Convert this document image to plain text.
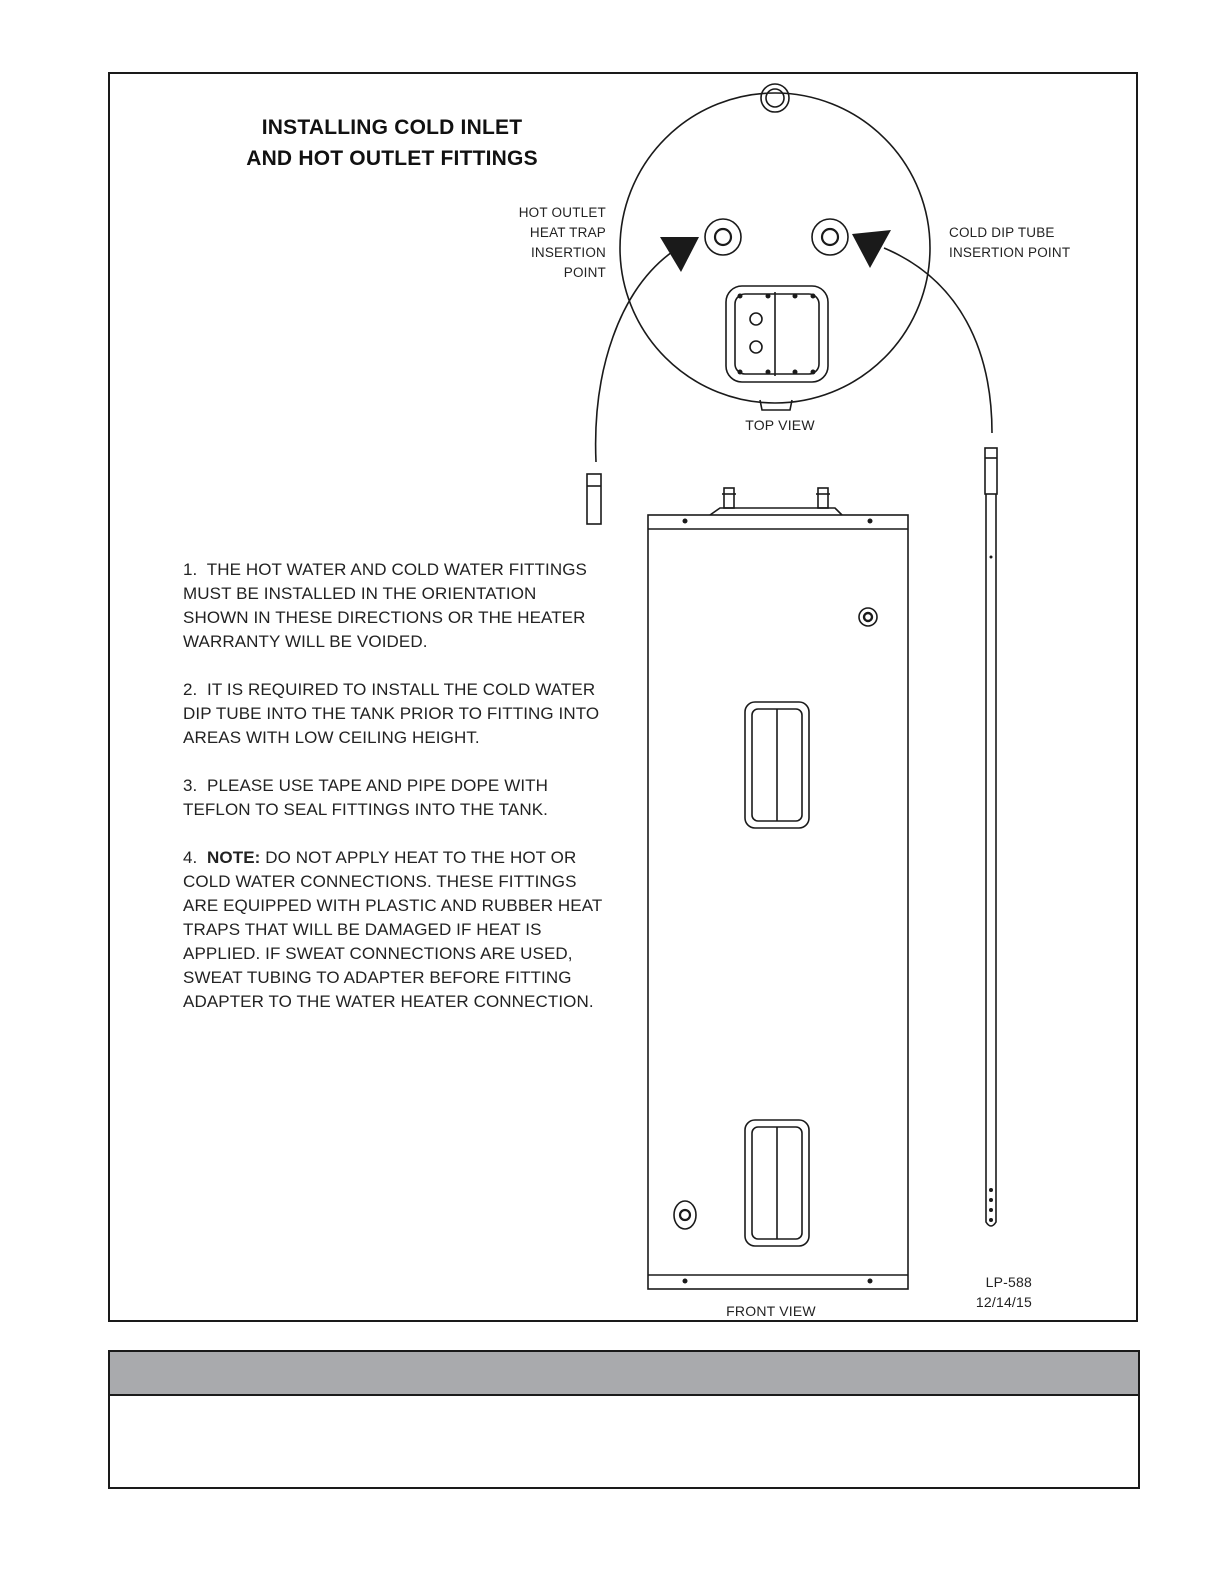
HOT	COLD
INSTALLING COLD INLET
AND HOT OUTLET FITTINGS
HOT OUTLET
HEAT TRAP
INSERTION
POINT
COLD DIP TUBE
INSERTION POINT
TOP VIEW
FRONT VIEW
LP-588
12/14/15
1. THE HOT WATER AND COLD WATER FITTINGS
MUST BE INSTALLED IN THE ORIENTATION
SHOWN IN THESE DIRECTIONS OR THE HEATER
WARRANTY WILL BE VOIDED.
2. IT IS REQUIRED TO INSTALL THE COLD WATER
DIP TUBE INTO THE TANK PRIOR TO FITTING INTO
AREAS WITH LOW CEILING HEIGHT.
3. PLEASE USE TAPE AND PIPE DOPE WITH
TEFLON TO SEAL FITTINGS INTO THE TANK.
4. NOTE: DO NOT APPLY HEAT TO THE HOT OR
COLD WATER CONNECTIONS. THESE FITTINGS
ARE EQUIPPED WITH PLASTIC AND RUBBER HEAT
TRAPS THAT WILL BE DAMAGED IF HEAT IS
APPLIED. IF SWEAT CONNECTIONS ARE USED,
SWEAT TUBING TO ADAPTER BEFORE FITTING
ADAPTER TO THE WATER HEATER CONNECTION.
